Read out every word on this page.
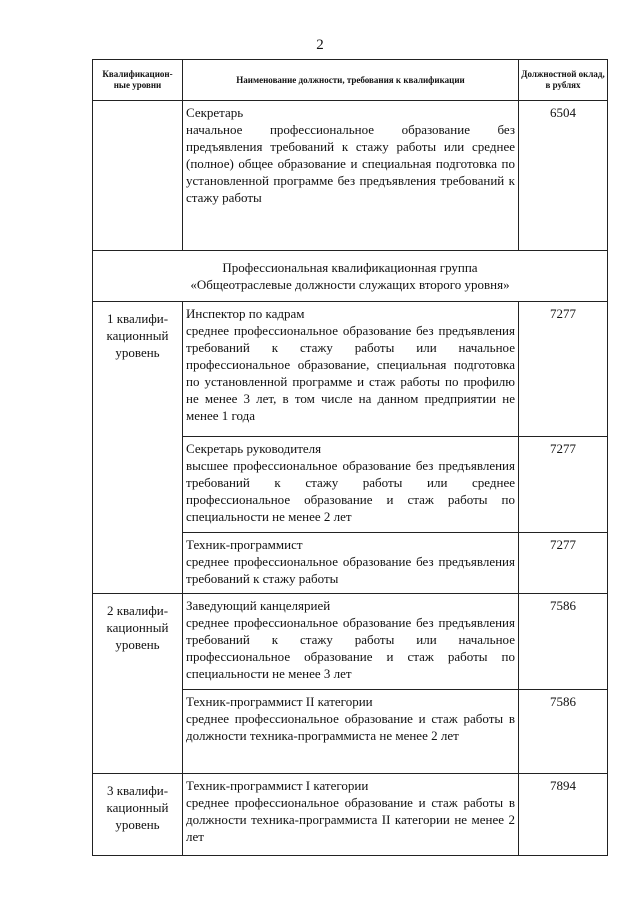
2
Квалификацион-ные уровни	Наименование должности, требования к квалификации	Должностной оклад, в рублях

	Секретарь
начальное профессиональное образование без предъявления требований к стажу работы или среднее (полное) общее образование и специальная подготовка по установленной программе без предъявления требований к стажу работы	6504

Профессиональная квалификационная группа
«Общеотраслевые должности служащих второго уровня»		

1 квалифи-кационный уровень	Инспектор по кадрам
среднее профессиональное образование без предъявления требований к стажу работы или начальное профессиональное образование, специальная подготовка по установленной программе и стаж работы по профилю не менее 3 лет, в том числе на данном предприятии не менее 1 года	7277

	Секретарь руководителя
высшее профессиональное образование без предъявления требований к стажу работы или среднее профессиональное образование и стаж работы по специальности не менее 2 лет	7277

	Техник-программист
среднее профессиональное образование без предъявления требований к стажу работы	7277
2 квалифи-кационный уровень	Заведующий канцелярией
среднее профессиональное образование без предъявления требований к стажу работы или начальное профессиональное образование и стаж работы по специальности не менее 3 лет	7586

	Техник-программист II категории
среднее профессиональное образование и стаж работы в должности техника-программиста не менее 2 лет	7586
3 квалифи-кационный уровень	Техник-программист I категории
среднее профессиональное образование и стаж работы в должности техника-программиста II категории не менее 2 лет	7894
